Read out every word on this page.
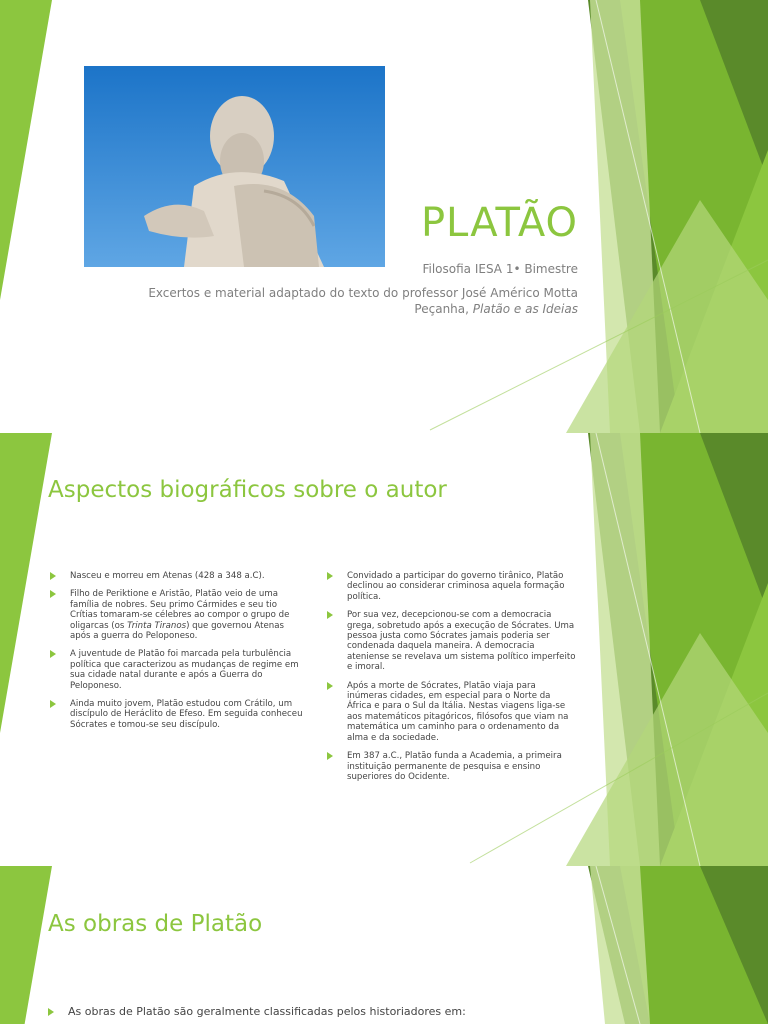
PLATÃO
Filosofia IESA 1• Bimestre
Excertos e material adaptado do texto do professor José Américo Motta
Peçanha, Platão e as Ideias
Aspectos biográficos sobre o autor
Nasceu e morreu em Atenas (428 a 348 a.C).
Filho de Periktione e Aristão, Platão veio de uma família de nobres. Seu primo Cármides e seu tio Crítias tomaram-se célebres ao compor o grupo de oligarcas (os Trinta Tiranos) que governou Atenas após a guerra do Peloponeso.
A juventude de Platão foi marcada pela turbulência política que caracterizou as mudanças de regime em sua cidade natal durante e após a Guerra do Peloponeso.
Ainda muito jovem, Platão estudou com Crátilo, um discípulo de Heráclito de Efeso. Em seguida conheceu Sócrates e tomou-se seu discípulo.
Convidado a participar do governo tirânico, Platão declinou ao considerar criminosa aquela formação política.
Por sua vez, decepcionou-se com a democracia grega, sobretudo após a execução de Sócrates. Uma pessoa justa como Sócrates jamais poderia ser condenada daquela maneira. A democracia ateniense se revelava um sistema político imperfeito e imoral.
Após a morte de Sócrates, Platão viaja para inúmeras cidades, em especial para o Norte da África e para o Sul da Itália. Nestas viagens liga-se aos matemáticos pitagóricos, filósofos que viam na matemática um caminho para o ordenamento da alma e da sociedade.
Em 387 a.C., Platão funda a Academia, a primeira instituição permanente de pesquisa e ensino superiores do Ocidente.
As obras de Platão
As obras de Platão são geralmente classificadas pelos historiadores em:
